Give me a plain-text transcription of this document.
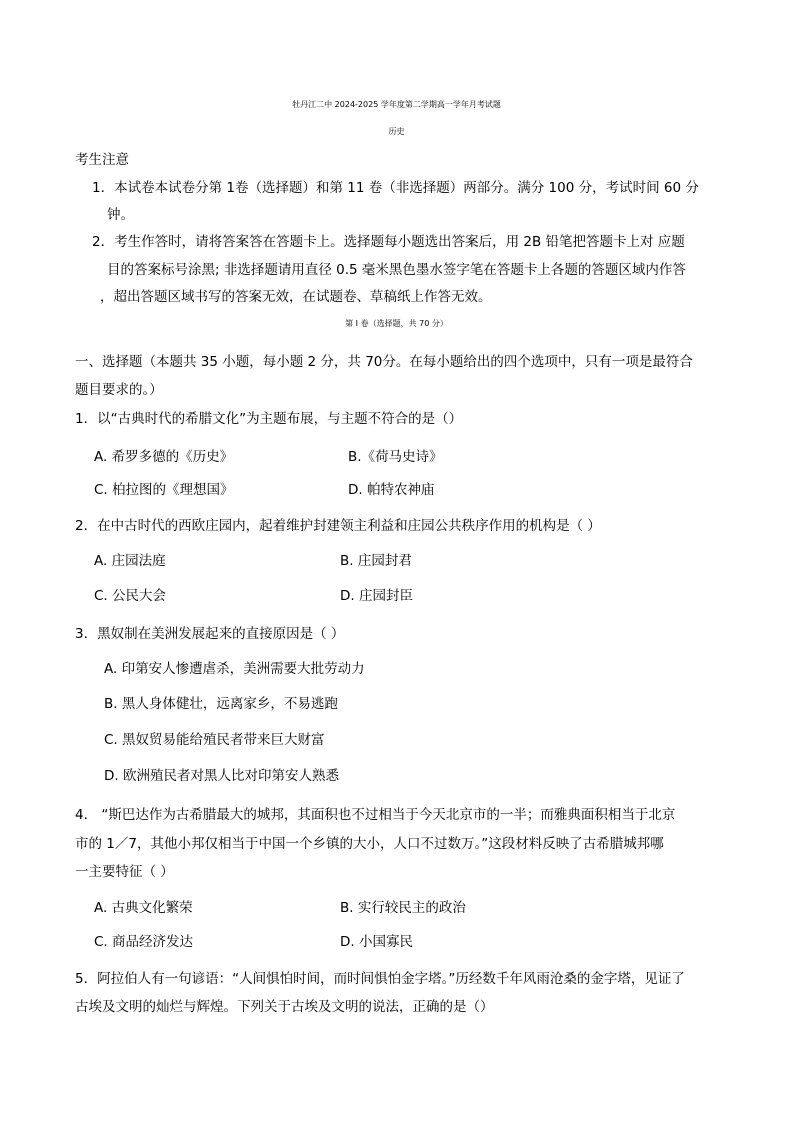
牡丹江二中 2024-2025 学年度第二学期高一学年月考试题
历史
考生注意
1．本试卷本试卷分第 1卷（选择题）和第 11 卷（非选择题）两部分。满分 100 分，考试时间 60 分
钟。
2．考生作答时，请将答案答在答题卡上。选择题每小题选出答案后，用 2B 铅笔把答题卡上对 应题
目的答案标号涂黑; 非选择题请用直径 0.5 毫米黑色墨水签字笔在答题卡上各题的答题区域内作答
，超出答题区域书写的答案无效，在试题卷、草稿纸上作答无效。
第 I 卷（选择题，共 70 分）
一、选择题（本题共 35 小题，每小题 2 分，共 70分。在每小题给出的四个选项中，只有一项是最符合
题目要求的。）
1．以“古典时代的希腊文化”为主题布展，与主题不符合的是（）
A. 希罗多德的《历史》	B.《荷马史诗》
C. 柏拉图的《理想国》	D. 帕特农神庙
2．在中古时代的西欧庄园内，起着维护封建领主利益和庄园公共秩序作用的机构是（ ）
A. 庄园法庭	B. 庄园封君
C. 公民大会	D. 庄园封臣
3．黑奴制在美洲发展起来的直接原因是（ ）
A. 印第安人惨遭虐杀，美洲需要大批劳动力
B. 黑人身体健壮，远离家乡，不易逃跑
C. 黑奴贸易能给殖民者带来巨大财富
D. 欧洲殖民者对黑人比对印第安人熟悉
4． “斯巴达作为古希腊最大的城邦，其面积也不过相当于今天北京市的一半；而雅典面积相当于北京
市的 1／7，其他小邦仅相当于中国一个乡镇的大小，人口不过数万。”这段材料反映了古希腊城邦哪
一主要特征（ ）
A. 古典文化繁荣	B. 实行较民主的政治
C. 商品经济发达	D. 小国寡民
5．阿拉伯人有一句谚语：“人间惧怕时间，而时间惧怕金字塔。”历经数千年风雨沧桑的金字塔，见证了
古埃及文明的灿烂与辉煌。下列关于古埃及文明的说法，正确的是（）
